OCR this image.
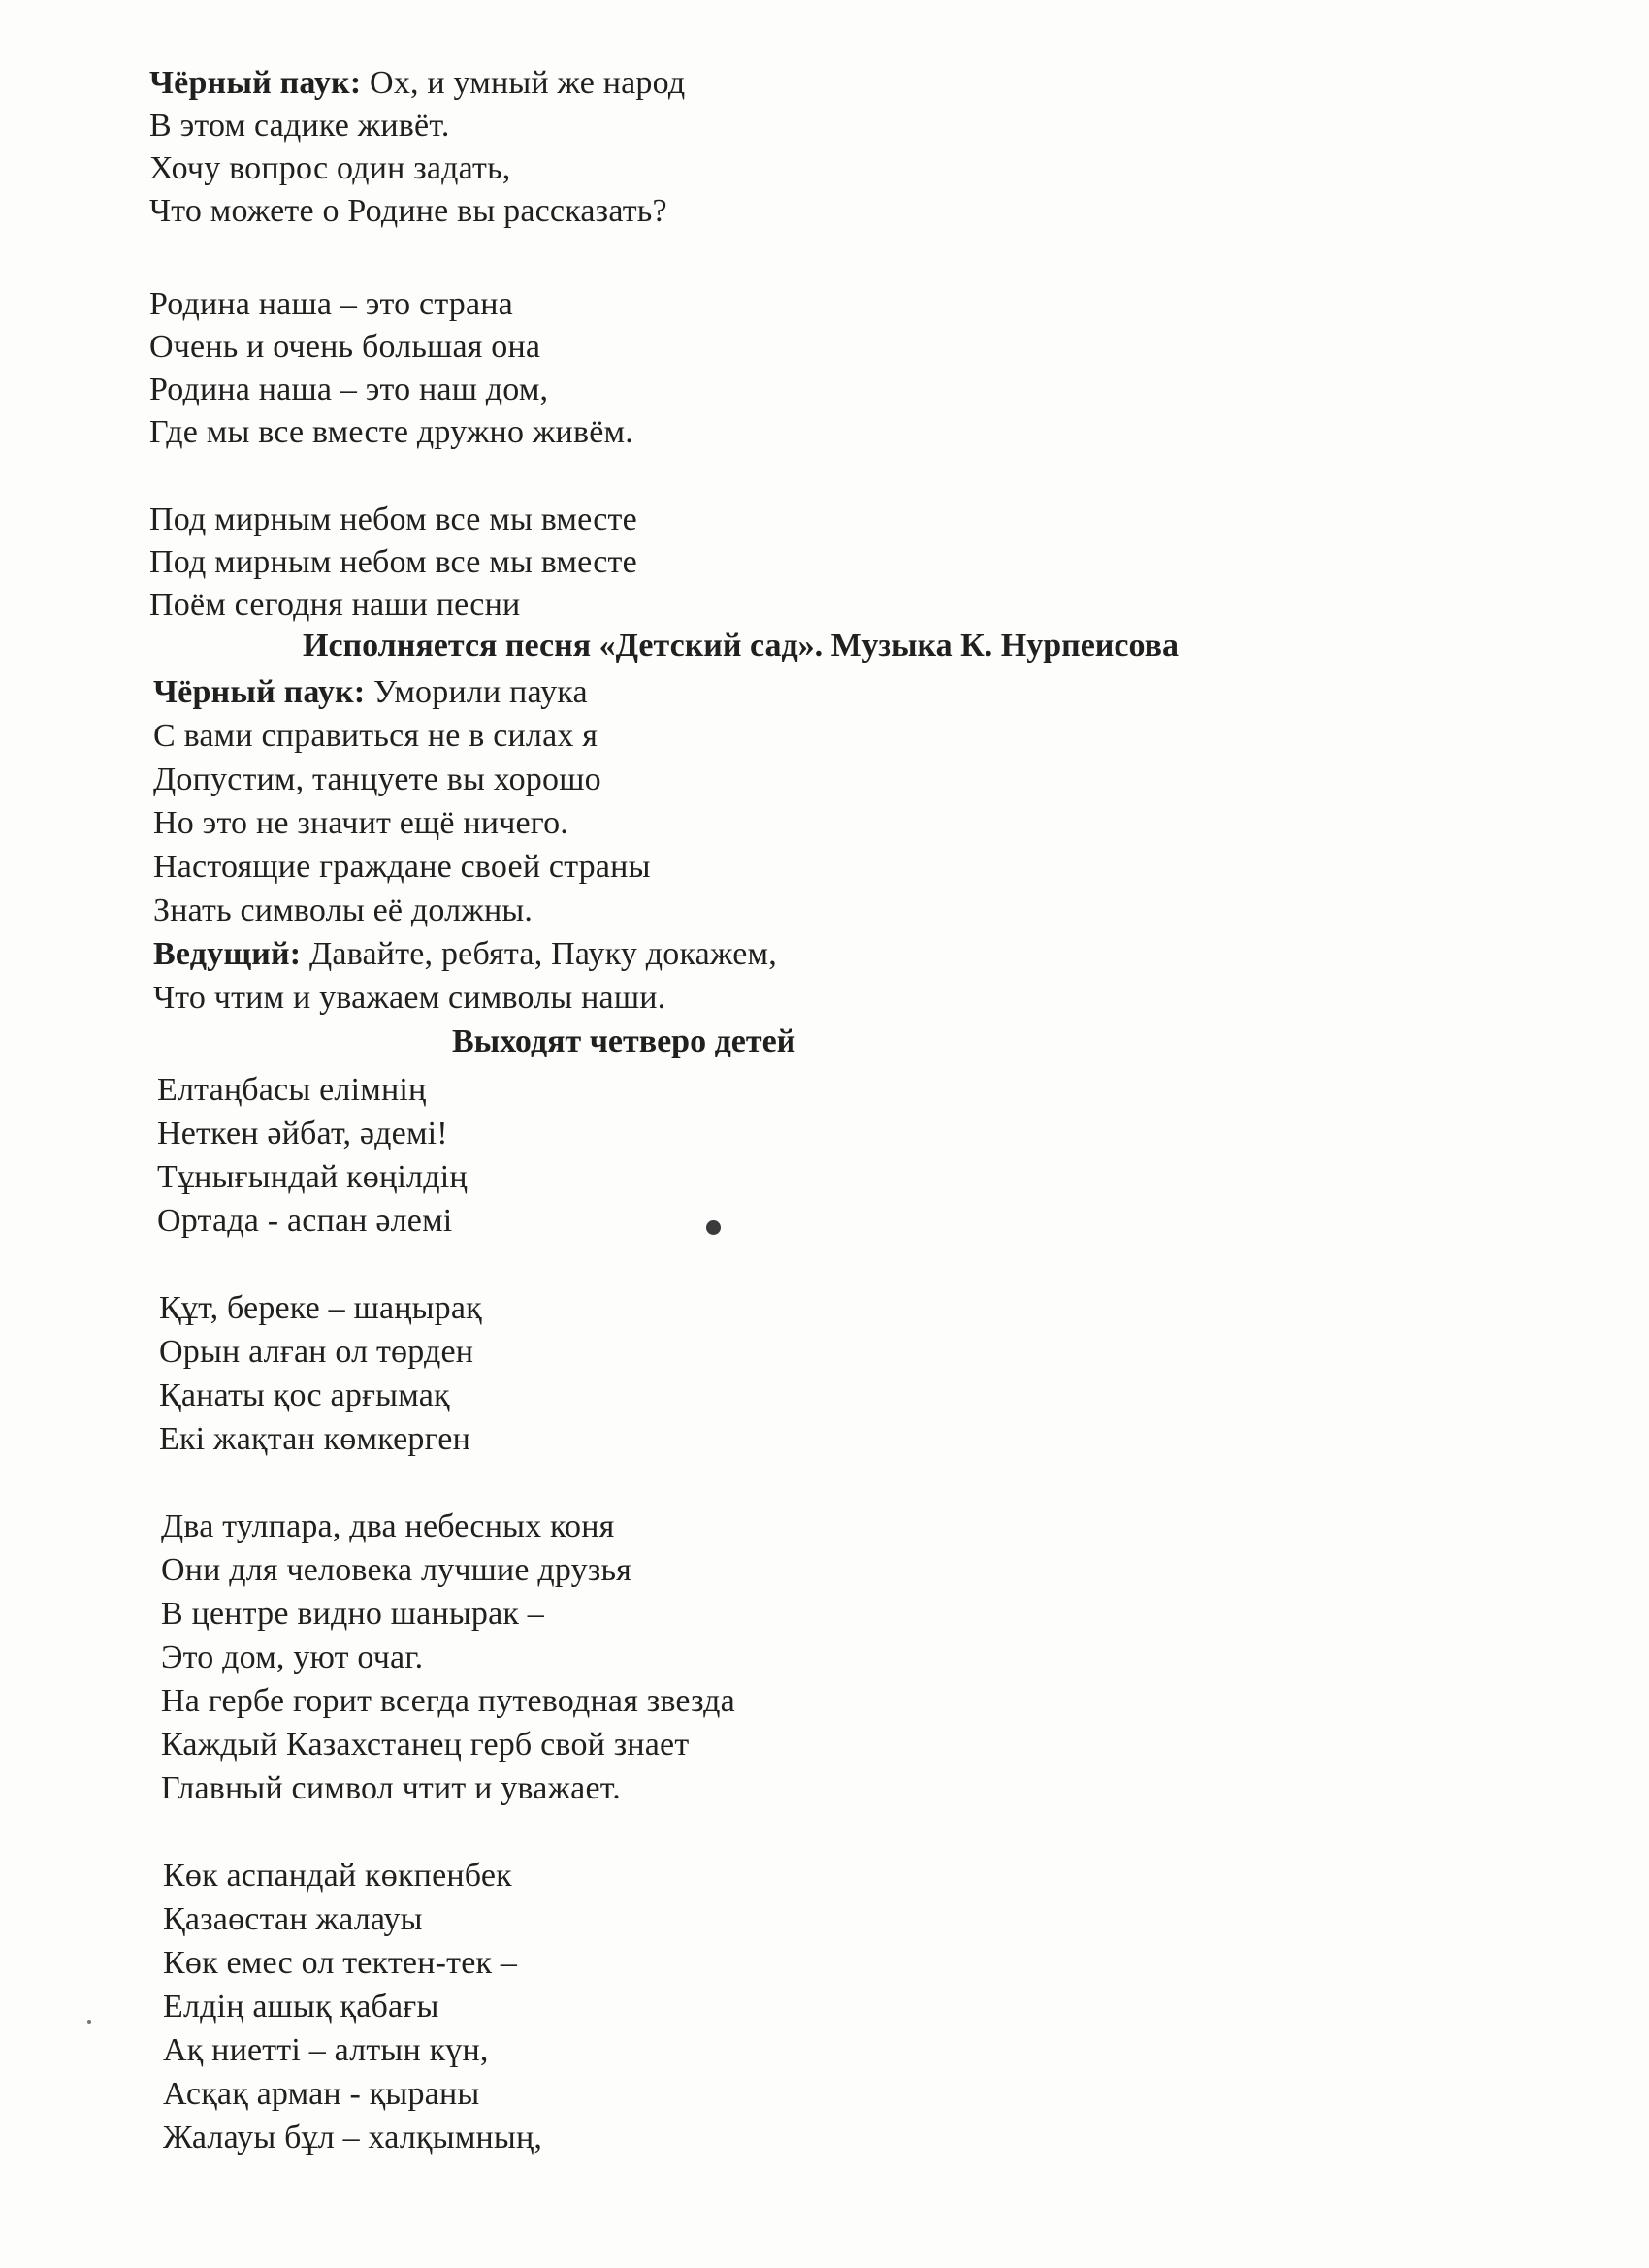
Чёрный паук: Ох, и умный же народ
В этом садике живёт.
Хочу вопрос один задать,
Что можете о Родине вы рассказать?
Родина наша – это страна
Очень и очень большая она
Родина наша – это наш дом,
Где мы все вместе дружно живём.
Под мирным небом все мы вместе
Под мирным небом все мы вместе
Поём сегодня наши песни
Исполняется песня «Детский сад». Музыка К. Нурпеисова
Чёрный паук: Уморили паука
С вами справиться не в силах я
Допустим, танцуете вы хорошо
Но это не значит ещё ничего.
Настоящие граждане своей страны
Знать символы её должны.
Ведущий: Давайте, ребята, Пауку докажем,
Что чтим и уважаем символы наши.
Выходят четверо детей
Елтаңбасы елімнің
Неткен әйбат, әдемі!
Тұнығындай көңілдің
Ортада - аспан әлемі
Құт, береке – шаңырақ
Орын алған ол төрден
Қанаты қос арғымақ
Екі жақтан көмкерген
Два тулпара, два небесных коня
Они для человека лучшие друзья
В центре видно шанырак –
Это дом, уют очаг.
На гербе горит всегда путеводная звезда
Каждый Казахстанец герб свой знает
Главный символ чтит и уважает.
Көк аспандай көкпенбек
Қазаөстан жалауы
Көк емес ол тектен-тек –
Елдің ашық қабағы
Ақ ниетті – алтын күн,
Асқақ арман - қыраны
Жалауы бұл – халқымның,
